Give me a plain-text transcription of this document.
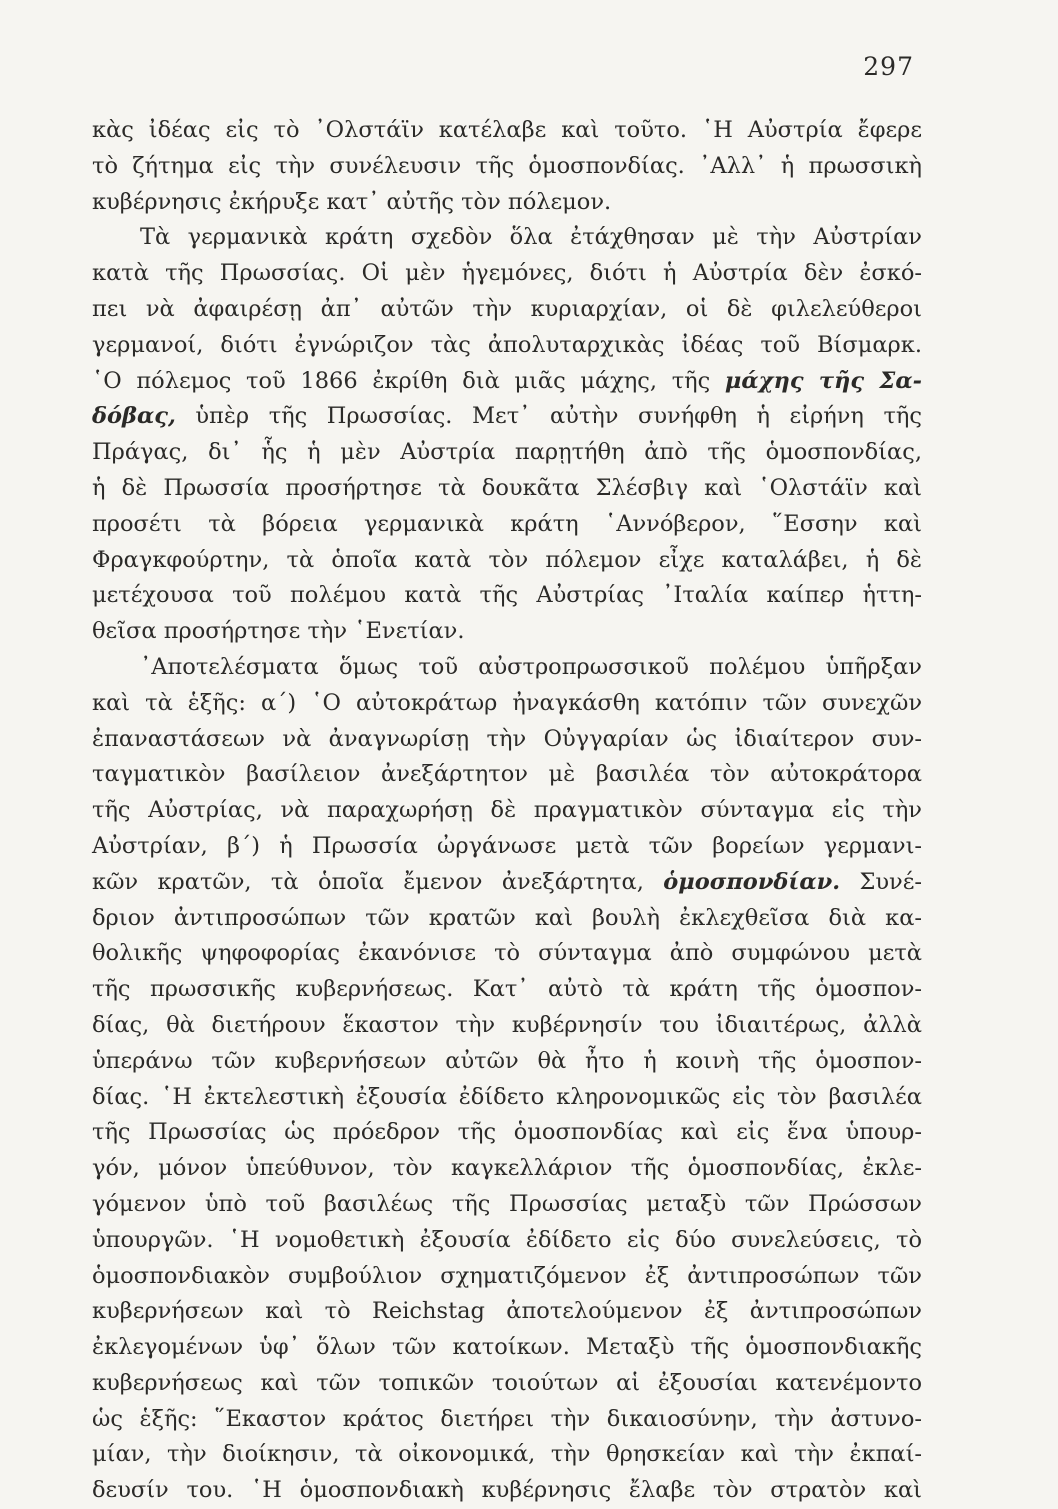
297
κὰς ἰδέας εἰς τὸ ᾿Ολστάϊν κατέλαβε καὶ τοῦτο. ῾Η Αὐστρία ἔφερε
τὸ ζήτημα εἰς τὴν συνέλευσιν τῆς ὁμοσπονδίας. ᾿Αλλ᾿ ἡ πρωσσικὴ
κυβέρνησις ἐκήρυξε κατ᾿ αὐτῆς τὸν πόλεμον.
Τὰ γερμανικὰ κράτη σχεδὸν ὅλα ἐτάχθησαν μὲ τὴν Αὐστρίαν
κατὰ τῆς Πρωσσίας. Οἱ μὲν ἡγεμόνες, διότι ἡ Αὐστρία δὲν ἐσκό-
πει νὰ ἀφαιρέσῃ ἀπ᾿ αὐτῶν τὴν κυριαρχίαν, οἱ δὲ φιλελεύθεροι
γερμανοί, διότι ἐγνώριζον τὰς ἀπολυταρχικὰς ἰδέας τοῦ Βίσμαρκ.
῾Ο πόλεμος τοῦ 1866 ἐκρίθη διὰ μιᾶς μάχης, τῆς μάχης τῆς Σα-
δόβας, ὑπὲρ τῆς Πρωσσίας. Μετ᾿ αὐτὴν συνήφθη ἡ εἰρήνη τῆς
Πράγας, δι᾿ ἧς ἡ μὲν Αὐστρία παρῃτήθη ἀπὸ τῆς ὁμοσπονδίας,
ἡ δὲ Πρωσσία προσήρτησε τὰ δουκᾶτα Σλέσβιγ καὶ ῾Ολστάϊν καὶ
προσέτι τὰ βόρεια γερμανικὰ κράτη ῾Αννόβερον, ῞Εσσην καὶ
Φραγκφούρτην, τὰ ὁποῖα κατὰ τὸν πόλεμον εἶχε καταλάβει, ἡ δὲ
μετέχουσα τοῦ πολέμου κατὰ τῆς Αὐστρίας ᾿Ιταλία καίπερ ἡττη-
θεῖσα προσήρτησε τὴν ῾Ενετίαν.
᾿Αποτελέσματα ὅμως τοῦ αὐστροπρωσσικοῦ πολέμου ὑπῆρξαν
καὶ τὰ ἑξῆς: α´) ῾Ο αὐτοκράτωρ ἠναγκάσθη κατόπιν τῶν συνεχῶν
ἐπαναστάσεων νὰ ἀναγνωρίσῃ τὴν Οὐγγαρίαν ὡς ἰδιαίτερον συν-
ταγματικὸν βασίλειον ἀνεξάρτητον μὲ βασιλέα τὸν αὐτοκράτορα
τῆς Αὐστρίας, νὰ παραχωρήσῃ δὲ πραγματικὸν σύνταγμα εἰς τὴν
Αὐστρίαν, β´) ἡ Πρωσσία ὠργάνωσε μετὰ τῶν βορείων γερμανι-
κῶν κρατῶν, τὰ ὁποῖα ἔμενον ἀνεξάρτητα, ὁμοσπονδίαν. Συνέ-
δριον ἀντιπροσώπων τῶν κρατῶν καὶ βουλὴ ἐκλεχθεῖσα διὰ κα-
θολικῆς ψηφοφορίας ἐκανόνισε τὸ σύνταγμα ἀπὸ συμφώνου μετὰ
τῆς πρωσσικῆς κυβερνήσεως. Κατ᾿ αὐτὸ τὰ κράτη τῆς ὁμοσπον-
δίας, θὰ διετήρουν ἕκαστον τὴν κυβέρνησίν του ἰδιαιτέρως, ἀλλὰ
ὑπεράνω τῶν κυβερνήσεων αὐτῶν θὰ ἦτο ἡ κοινὴ τῆς ὁμοσπον-
δίας. ῾Η ἐκτελεστικὴ ἐξουσία ἐδίδετο κληρονομικῶς εἰς τὸν βασιλέα
τῆς Πρωσσίας ὡς πρόεδρον τῆς ὁμοσπονδίας καὶ εἰς ἕνα ὑπουρ-
γόν, μόνον ὑπεύθυνον, τὸν καγκελλάριον τῆς ὁμοσπονδίας, ἐκλε-
γόμενον ὑπὸ τοῦ βασιλέως τῆς Πρωσσίας μεταξὺ τῶν Πρώσσων
ὑπουργῶν. ῾Η νομοθετικὴ ἐξουσία ἐδίδετο εἰς δύο συνελεύσεις, τὸ
ὁμοσπονδιακὸν συμβούλιον σχηματιζόμενον ἐξ ἀντιπροσώπων τῶν
κυβερνήσεων καὶ τὸ Reichstag ἀποτελούμενον ἐξ ἀντιπροσώπων
ἐκλεγομένων ὑφ᾿ ὅλων τῶν κατοίκων. Μεταξὺ τῆς ὁμοσπονδιακῆς
κυβερνήσεως καὶ τῶν τοπικῶν τοιούτων αἱ ἐξουσίαι κατενέμοντο
ὡς ἑξῆς: ῞Εκαστον κράτος διετήρει τὴν δικαιοσύνην, τὴν ἀστυνο-
μίαν, τὴν διοίκησιν, τὰ οἰκονομικά, τὴν θρησκείαν καὶ τὴν ἐκπαί-
δευσίν του. ῾Η ὁμοσπονδιακὴ κυβέρνησις ἔλαβε τὸν στρατὸν καὶ
